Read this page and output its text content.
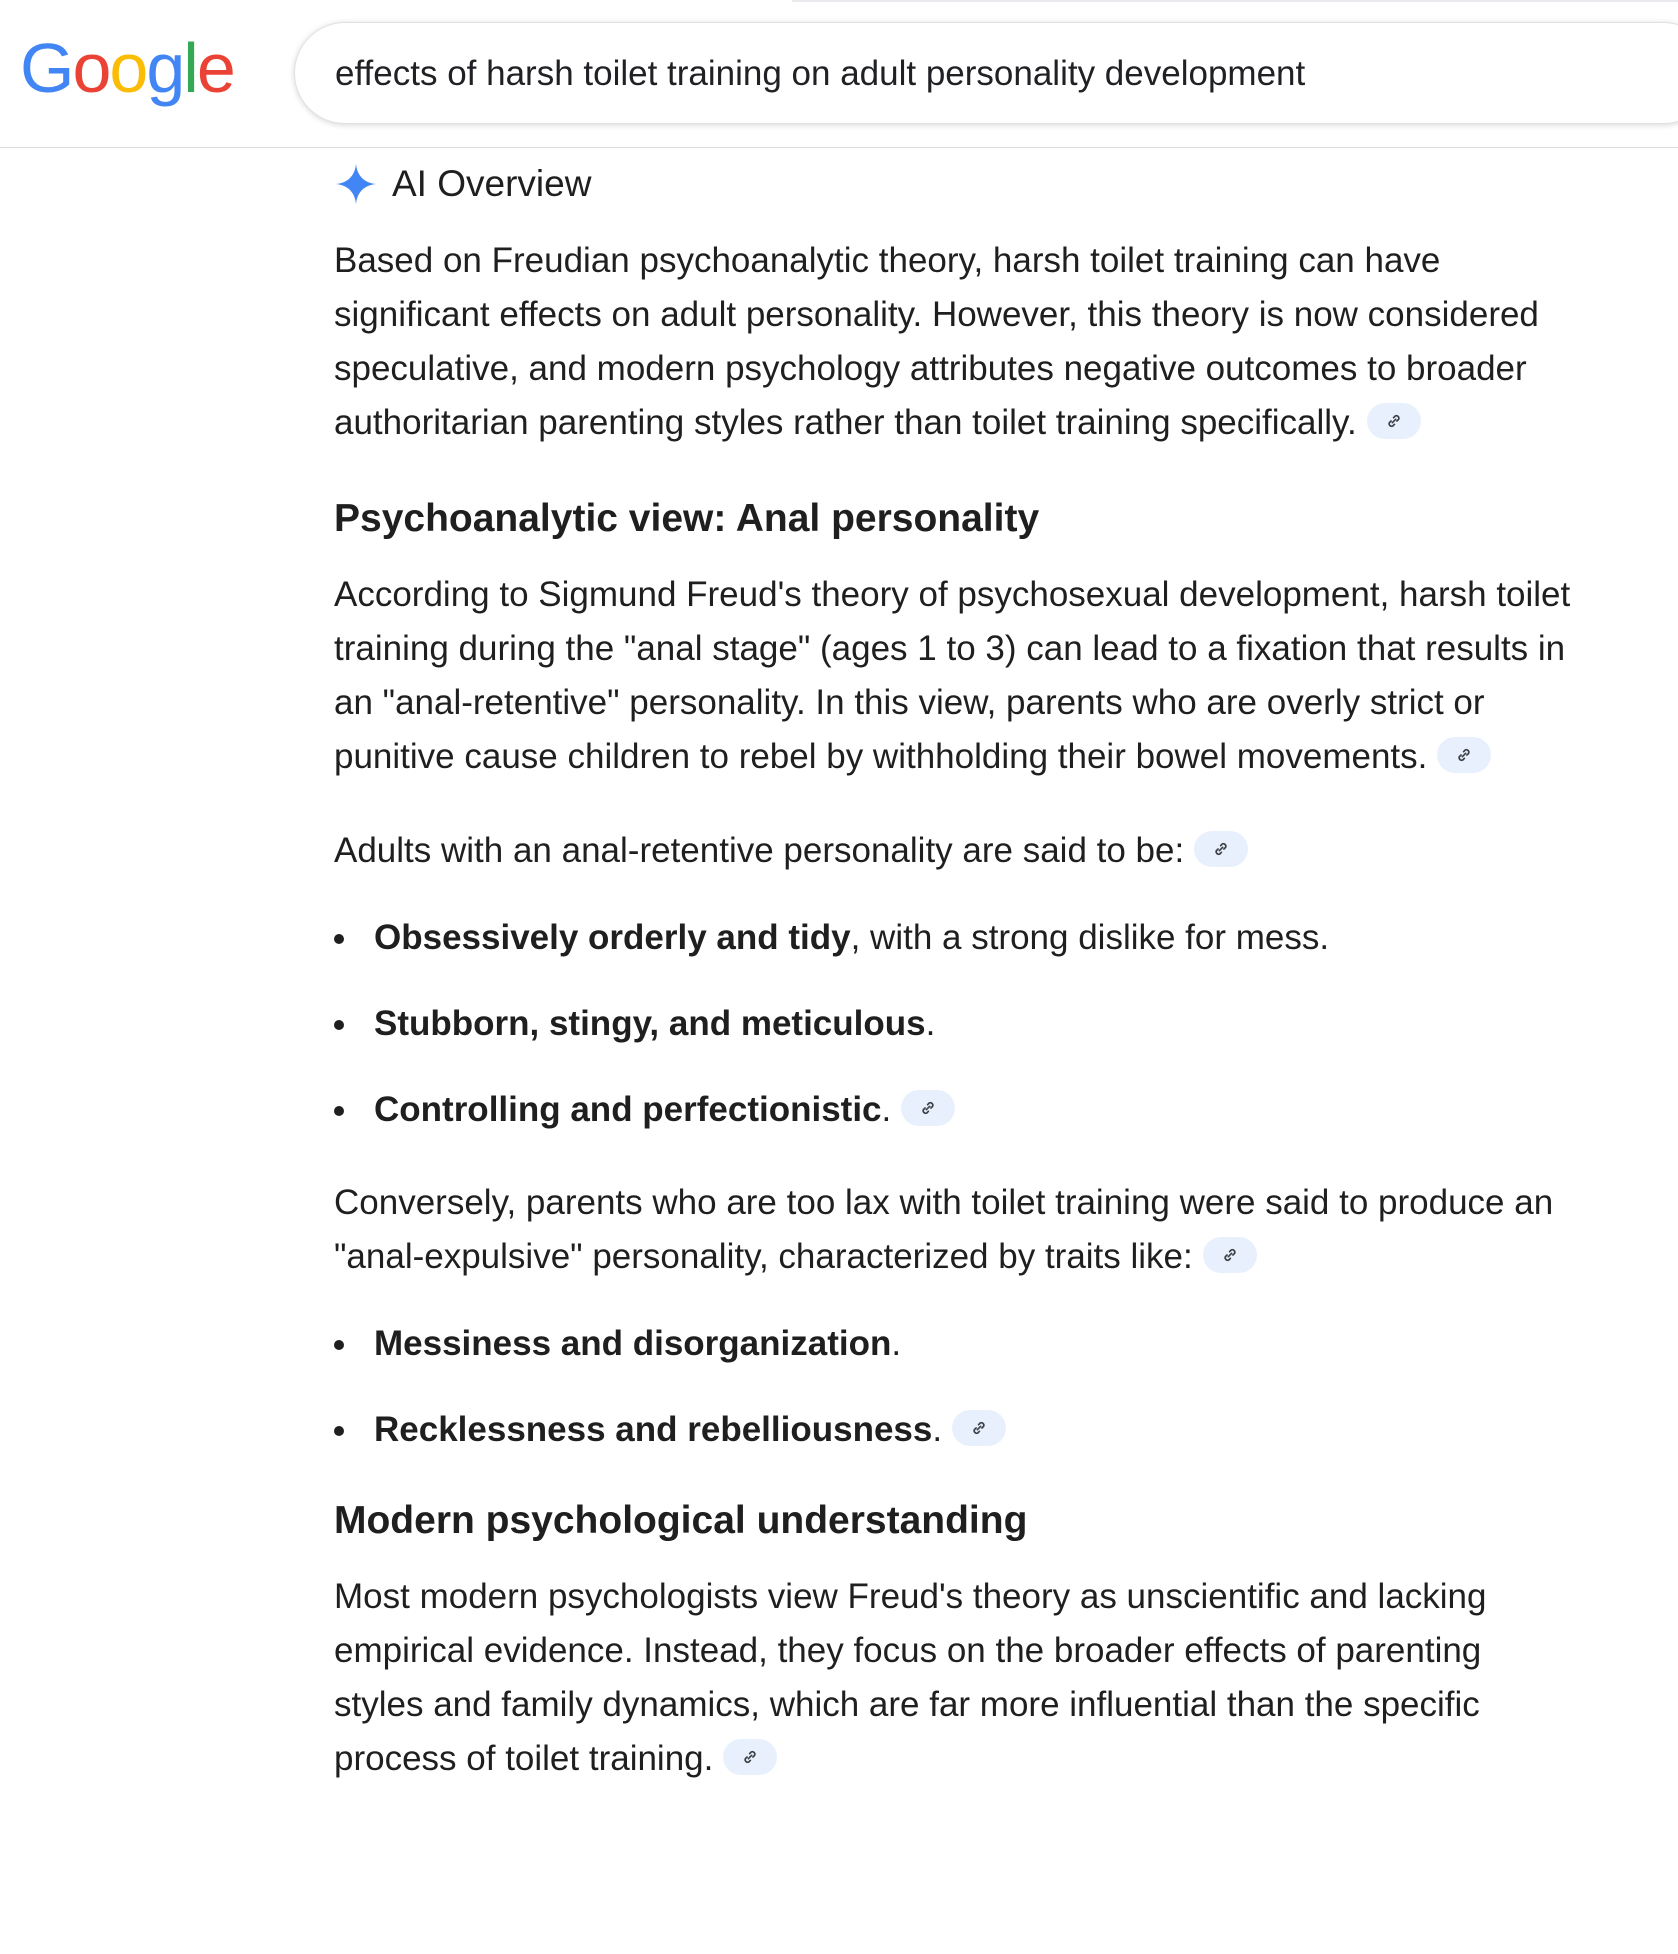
Google
effects of harsh toilet training on adult personality development
AI Overview

Based on Freudian psychoanalytic theory, harsh toilet training can have significant effects on adult personality. However, this theory is now considered speculative, and modern psychology attributes negative outcomes to broader authoritarian parenting styles rather than toilet training specifically.

Psychoanalytic view: Anal personality

According to Sigmund Freud's theory of psychosexual development, harsh toilet training during the "anal stage" (ages 1 to 3) can lead to a fixation that results in an "anal-retentive" personality. In this view, parents who are overly strict or punitive cause children to rebel by withholding their bowel movements.

Adults with an anal-retentive personality are said to be:

Obsessively orderly and tidy, with a strong dislike for mess.
Stubborn, stingy, and meticulous.
Controlling and perfectionistic.

Conversely, parents who are too lax with toilet training were said to produce an "anal-expulsive" personality, characterized by traits like:

Messiness and disorganization.
Recklessness and rebelliousness.
Modern psychological understanding

Most modern psychologists view Freud's theory as unscientific and lacking empirical evidence. Instead, they focus on the broader effects of parenting styles and family dynamics, which are far more influential than the specific process of toilet training.
